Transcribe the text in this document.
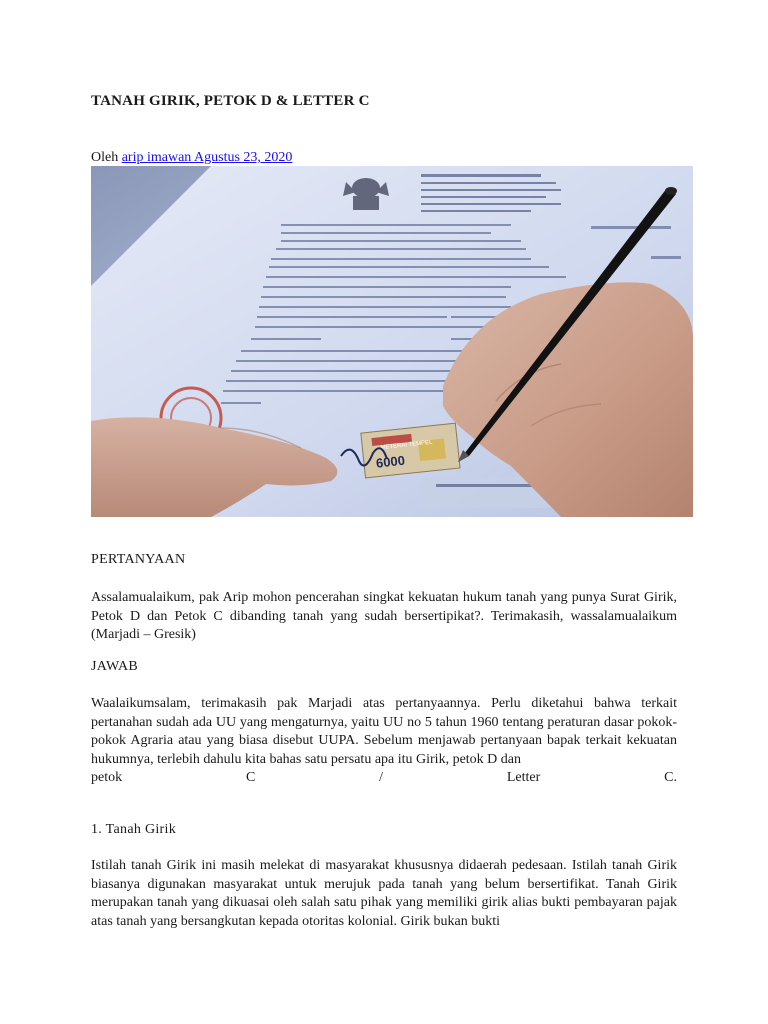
TANAH GIRIK, PETOK D & LETTER C
Oleh arip imawan Agustus 23, 2020
METERAI TEMPEL
6000
PERTANYAAN

Assalamualaikum, pak Arip mohon pencerahan singkat kekuatan hukum tanah yang punya Surat Girik, Petok D dan Petok C dibanding tanah yang sudah bersertipikat?. Terimakasih, wassalamualaikum (Marjadi – Gresik)

JAWAB
Waalaikumsalam, terimakasih pak Marjadi atas pertanyaannya. Perlu diketahui bahwa terkait pertanahan sudah ada UU yang mengaturnya, yaitu UU no 5 tahun 1960 tentang peraturan dasar pokok-pokok Agraria atau yang biasa disebut UUPA. Sebelum menjawab pertanyaan bapak terkait kekuatan hukumnya, terlebih dahulu kita bahas satu persatu apa itu Girik, petok D dan
petok	C	/	Letter	C.
1. Tanah Girik

Istilah tanah Girik ini masih melekat di masyarakat khususnya didaerah pedesaan. Istilah tanah Girik biasanya digunakan masyarakat untuk merujuk pada tanah yang belum bersertifikat. Tanah Girik merupakan tanah yang dikuasai oleh salah satu pihak yang memiliki girik alias bukti pembayaran pajak atas tanah yang bersangkutan kepada otoritas kolonial. Girik bukan bukti
